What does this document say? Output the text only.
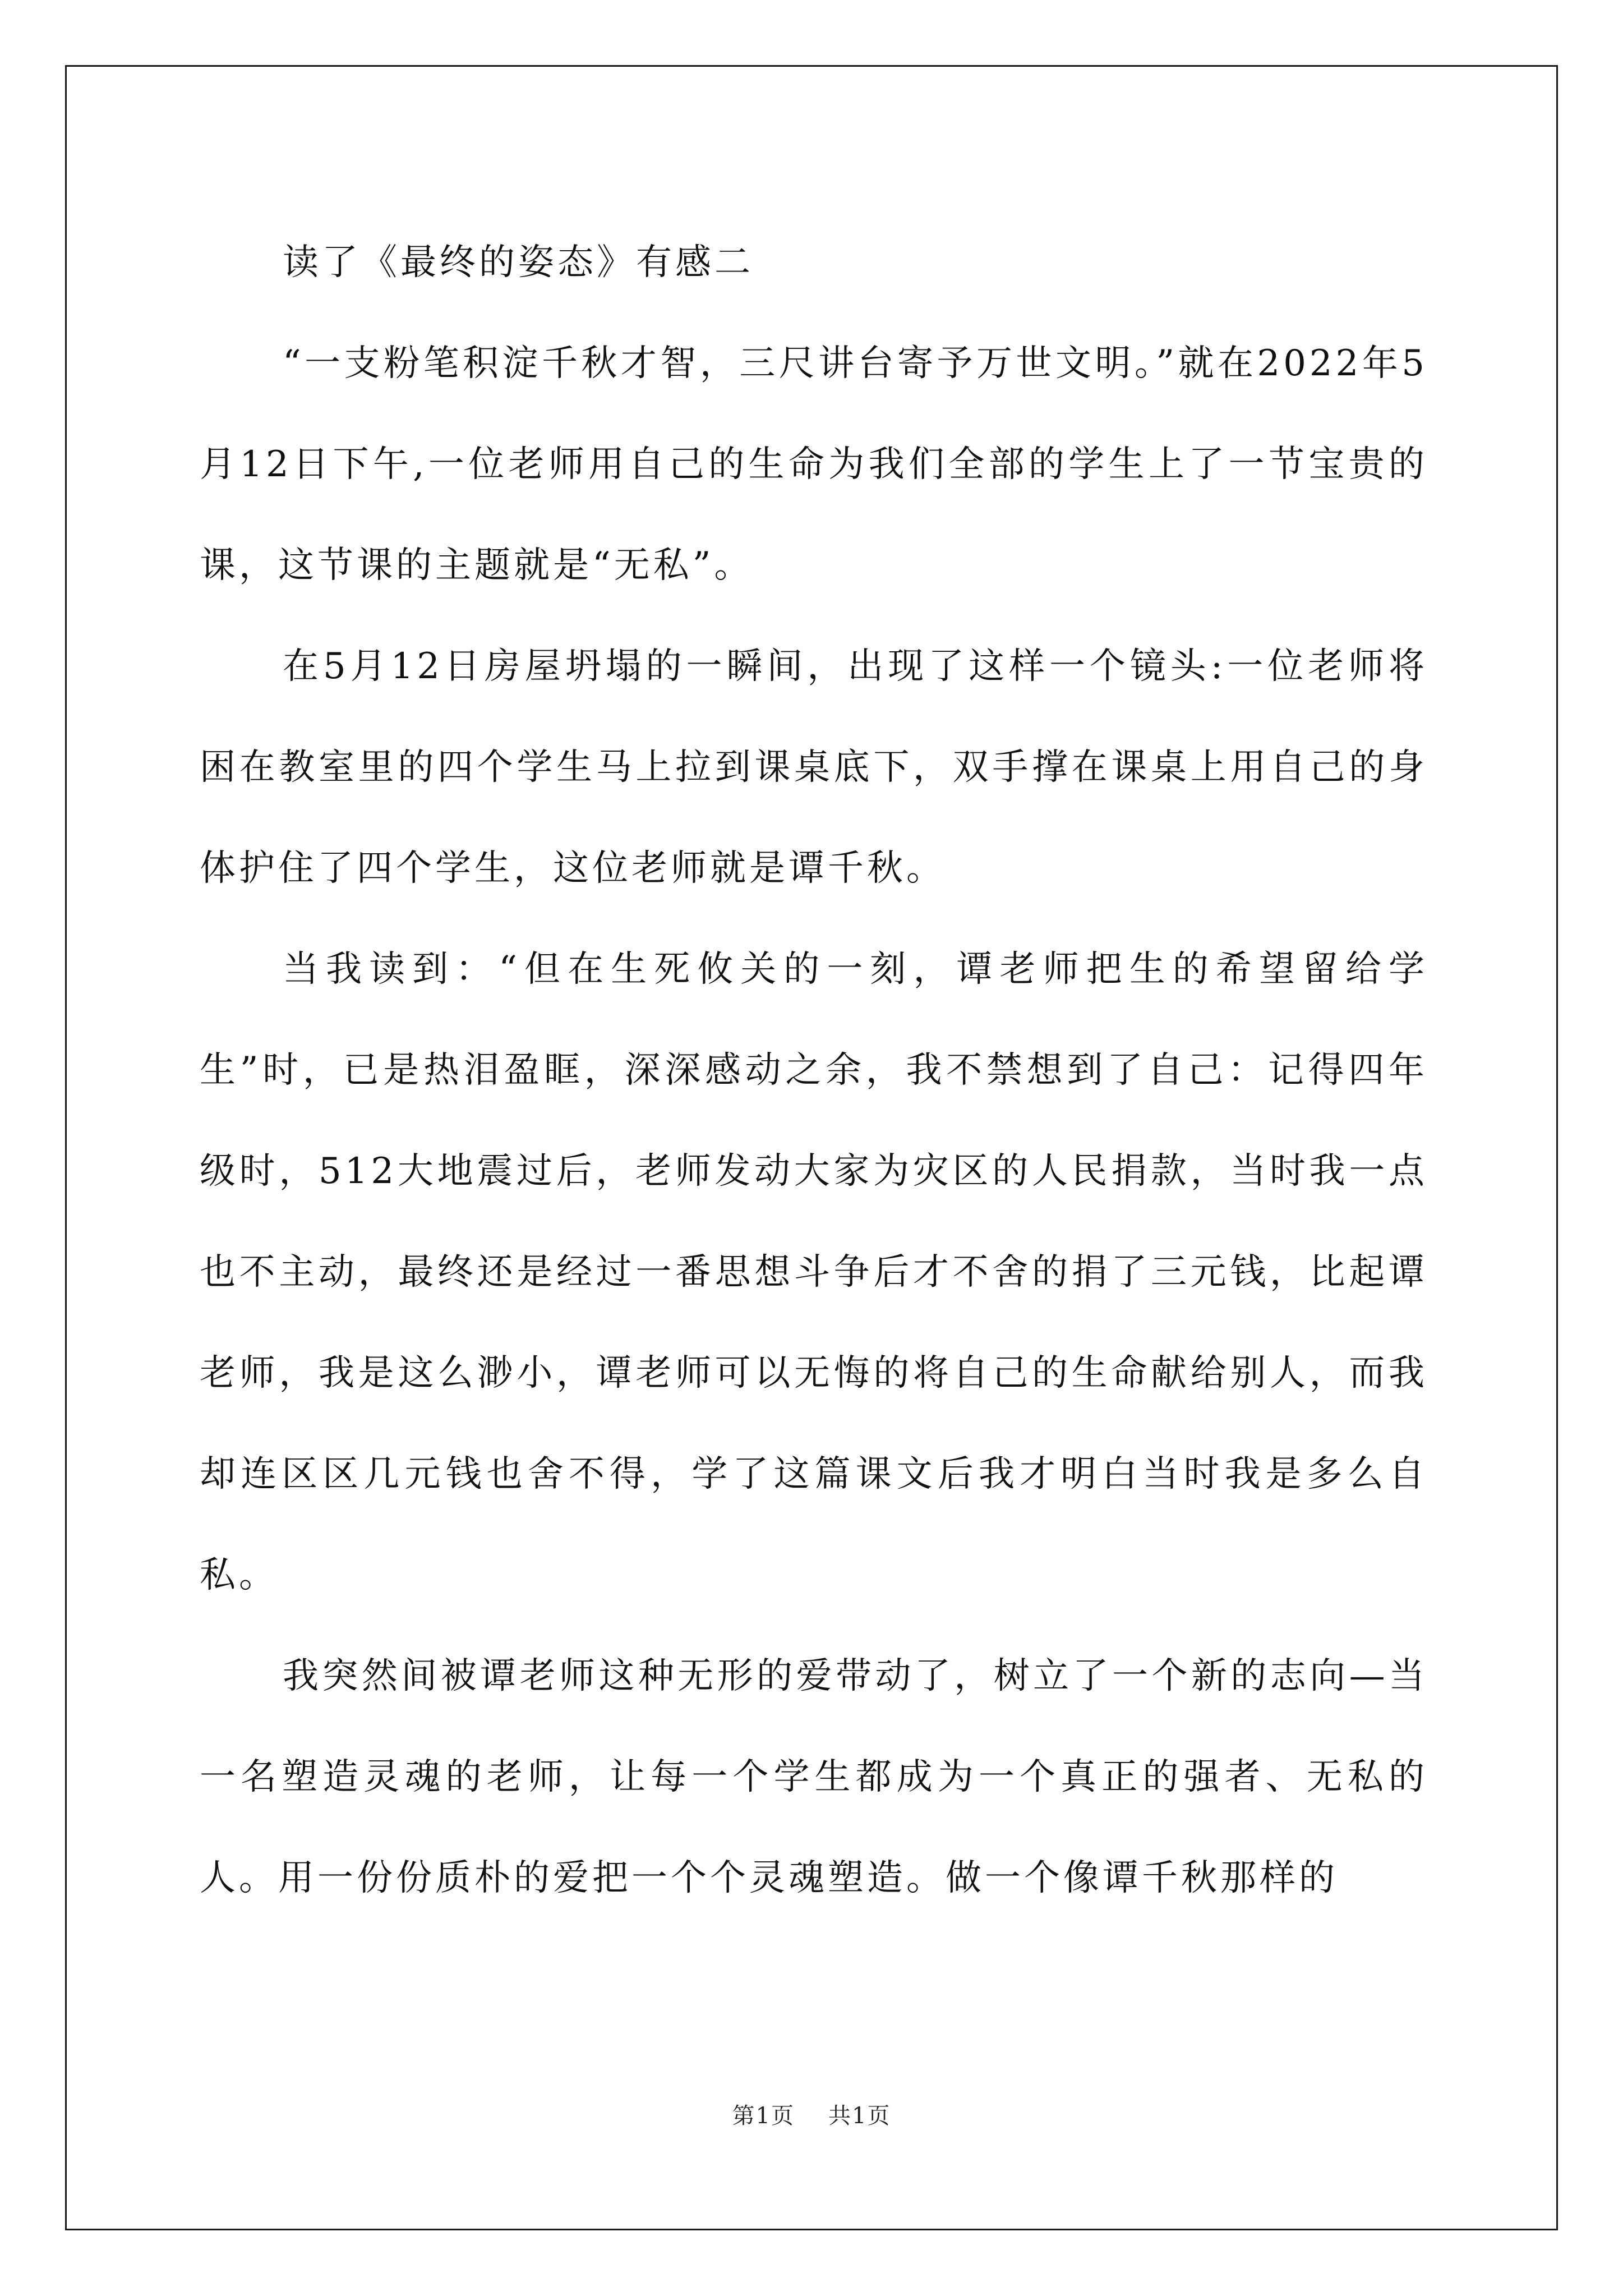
读了《最终的姿态》有感二

“一支粉笔积淀千秋才智，三尺讲台寄予万世文明。”就在2022年5月12日下午,一位老师用自己的生命为我们全部的学生上了一节宝贵的课，这节课的主题就是“无私”。

在5月12日房屋坍塌的一瞬间，出现了这样一个镜头:一位老师将困在教室里的四个学生马上拉到课桌底下，双手撑在课桌上用自己的身体护住了四个学生，这位老师就是谭千秋。

当我读到：“但在生死攸关的一刻，谭老师把生的希望留给学生”时，已是热泪盈眶，深深感动之余，我不禁想到了自己：记得四年级时，512大地震过后，老师发动大家为灾区的人民捐款，当时我一点也不主动，最终还是经过一番思想斗争后才不舍的捐了三元钱，比起谭老师，我是这么渺小，谭老师可以无悔的将自己的生命献给别人，而我却连区区几元钱也舍不得，学了这篇课文后我才明白当时我是多么自私。

我突然间被谭老师这种无形的爱带动了，树立了一个新的志向—当一名塑造灵魂的老师，让每一个学生都成为一个真正的强者、无私的人。用一份份质朴的爱把一个个灵魂塑造。做一个像谭千秋那样的

第1页 共1页
